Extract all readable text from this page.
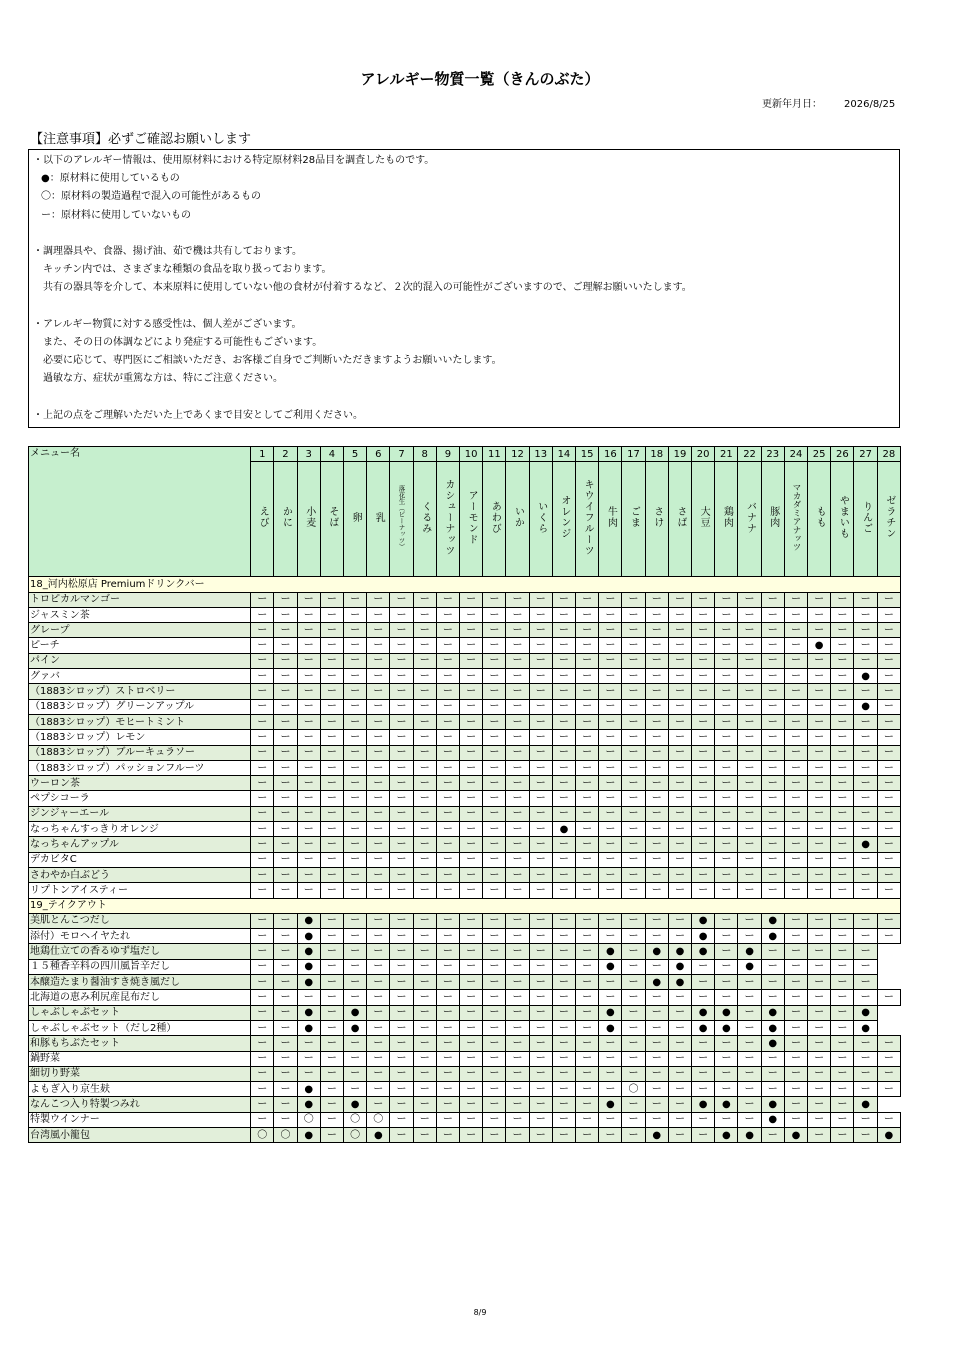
アレルギー物質一覧（きんのぶた）
更新年月日： 2026/8/25
【注意事項】必ずご確認お願いします
・以下のアレルギー情報は、使用原材料における特定原材料28品目を調査したものです。
●：原材料に使用しているもの
〇：原材料の製造過程で混入の可能性があるもの
ー：原材料に使用していないもの
・調理器具や、食器、揚げ油、茹で機は共有しております。
キッチン内では、さまざまな種類の食品を取り扱っております。
共有の器具等を介して、本来原料に使用していない他の食材が付着するなど、２次的混入の可能性がございますので、ご理解お願いいたします。
・アレルギー物質に対する感受性は、個人差がございます。
また、その日の体調などにより発症する可能性もございます。
必要に応じて、専門医にご相談いただき、お客様ご自身でご判断いただきますようお願いいたします。
過敏な方、症状が重篤な方は、特にご注意ください。
・上記の点をご理解いただいた上であくまで目安としてご利用ください。
メニュー名	1	2	3	4	5	6	7	8	9	10	11	12	13	14	15	16	17	18	19	20	21	22	23	24	25	26	27	28
	えび	かに	小麦	そば	卵	乳	落花生（ピーナッツ）	くるみ	カシューナッツ	アーモンド	あわび	いか	いくら	オレンジ	キウイフルーツ	牛肉	ごま	さけ	さば	大豆	鶏肉	バナナ	豚肉	マカダミアナッツ	もも	やまいも	りんご	ゼラチン
18_河内松原店 Premiumドリンクバー																												
トロピカルマンゴー	ー	ー	ー	ー	ー	ー	ー	ー	ー	ー	ー	ー	ー	ー	ー	ー	ー	ー	ー	ー	ー	ー	ー	ー	ー	ー	ー	ー
ジャスミン茶	ー	ー	ー	ー	ー	ー	ー	ー	ー	ー	ー	ー	ー	ー	ー	ー	ー	ー	ー	ー	ー	ー	ー	ー	ー	ー	ー	ー
グレープ	ー	ー	ー	ー	ー	ー	ー	ー	ー	ー	ー	ー	ー	ー	ー	ー	ー	ー	ー	ー	ー	ー	ー	ー	ー	ー	ー	ー
ピーチ	ー	ー	ー	ー	ー	ー	ー	ー	ー	ー	ー	ー	ー	ー	ー	ー	ー	ー	ー	ー	ー	ー	ー	ー	●	ー	ー	ー
パイン	ー	ー	ー	ー	ー	ー	ー	ー	ー	ー	ー	ー	ー	ー	ー	ー	ー	ー	ー	ー	ー	ー	ー	ー	ー	ー	ー	ー
グァバ	ー	ー	ー	ー	ー	ー	ー	ー	ー	ー	ー	ー	ー	ー	ー	ー	ー	ー	ー	ー	ー	ー	ー	ー	ー	ー	●	ー
（1883シロップ）ストロベリー	ー	ー	ー	ー	ー	ー	ー	ー	ー	ー	ー	ー	ー	ー	ー	ー	ー	ー	ー	ー	ー	ー	ー	ー	ー	ー	ー	ー
（1883シロップ）グリーンアップル	ー	ー	ー	ー	ー	ー	ー	ー	ー	ー	ー	ー	ー	ー	ー	ー	ー	ー	ー	ー	ー	ー	ー	ー	ー	ー	●	ー
（1883シロップ）モヒートミント	ー	ー	ー	ー	ー	ー	ー	ー	ー	ー	ー	ー	ー	ー	ー	ー	ー	ー	ー	ー	ー	ー	ー	ー	ー	ー	ー	ー
（1883シロップ）レモン	ー	ー	ー	ー	ー	ー	ー	ー	ー	ー	ー	ー	ー	ー	ー	ー	ー	ー	ー	ー	ー	ー	ー	ー	ー	ー	ー	ー
（1883シロップ）ブルーキュラソー	ー	ー	ー	ー	ー	ー	ー	ー	ー	ー	ー	ー	ー	ー	ー	ー	ー	ー	ー	ー	ー	ー	ー	ー	ー	ー	ー	ー
（1883シロップ）パッションフルーツ	ー	ー	ー	ー	ー	ー	ー	ー	ー	ー	ー	ー	ー	ー	ー	ー	ー	ー	ー	ー	ー	ー	ー	ー	ー	ー	ー	ー
ウーロン茶	ー	ー	ー	ー	ー	ー	ー	ー	ー	ー	ー	ー	ー	ー	ー	ー	ー	ー	ー	ー	ー	ー	ー	ー	ー	ー	ー	ー
ペプシコーラ	ー	ー	ー	ー	ー	ー	ー	ー	ー	ー	ー	ー	ー	ー	ー	ー	ー	ー	ー	ー	ー	ー	ー	ー	ー	ー	ー	ー
ジンジャーエール	ー	ー	ー	ー	ー	ー	ー	ー	ー	ー	ー	ー	ー	ー	ー	ー	ー	ー	ー	ー	ー	ー	ー	ー	ー	ー	ー	ー
なっちゃんすっきりオレンジ	ー	ー	ー	ー	ー	ー	ー	ー	ー	ー	ー	ー	ー	●	ー	ー	ー	ー	ー	ー	ー	ー	ー	ー	ー	ー	ー	ー
なっちゃんアップル	ー	ー	ー	ー	ー	ー	ー	ー	ー	ー	ー	ー	ー	ー	ー	ー	ー	ー	ー	ー	ー	ー	ー	ー	ー	ー	●	ー
デカビタC	ー	ー	ー	ー	ー	ー	ー	ー	ー	ー	ー	ー	ー	ー	ー	ー	ー	ー	ー	ー	ー	ー	ー	ー	ー	ー	ー	ー
さわやか白ぶどう	ー	ー	ー	ー	ー	ー	ー	ー	ー	ー	ー	ー	ー	ー	ー	ー	ー	ー	ー	ー	ー	ー	ー	ー	ー	ー	ー	ー
リプトンアイスティー	ー	ー	ー	ー	ー	ー	ー	ー	ー	ー	ー	ー	ー	ー	ー	ー	ー	ー	ー	ー	ー	ー	ー	ー	ー	ー	ー	ー
19_テイクアウト																												
美肌とんこつだし	ー	ー	●	ー	ー	ー	ー	ー	ー	ー	ー	ー	ー	ー	ー	ー	ー	ー	ー	●	ー	ー	●	ー	ー	ー	ー	ー
添付）モロヘイヤたれ	ー	ー	●	ー	ー	ー	ー	ー	ー	ー	ー	ー	ー	ー	ー	ー	ー	ー	ー	●	ー	ー	●	ー	ー	ー	ー	ー
地鶏仕立ての香るゆず塩だし	ー	ー	●	ー	ー	ー	ー	ー	ー	ー	ー	ー	ー	ー	ー	●	ー	●	●	●	ー	●	ー	ー	ー	ー	ー	
１５種香辛料の四川風旨辛だし	ー	ー	●	ー	ー	ー	ー	ー	ー	ー	ー	ー	ー	ー	ー	●	ー	ー	●	ー	ー	●	ー	ー	ー	ー	ー	
本醸造たまり醤油すき焼き風だし	ー	ー	●	ー	ー	ー	ー	ー	ー	ー	ー	ー	ー	ー	ー	ー	ー	●	●	ー	ー	ー	ー	ー	ー	ー	ー	
北海道の恵み利尻産昆布だし	ー	ー	ー	ー	ー	ー	ー	ー	ー	ー	ー	ー	ー	ー	ー	ー	ー	ー	ー	ー	ー	ー	ー	ー	ー	ー	ー	ー
しゃぶしゃぶセット	ー	ー	●	ー	●	ー	ー	ー	ー	ー	ー	ー	ー	ー	ー	●	ー	ー	ー	●	●	ー	●	ー	ー	ー	●	
しゃぶしゃぶセット（だし2種）	ー	ー	●	ー	●	ー	ー	ー	ー	ー	ー	ー	ー	ー	ー	●	ー	ー	ー	●	●	ー	●	ー	ー	ー	●	
和豚もちぶたセット	ー	ー	ー	ー	ー	ー	ー	ー	ー	ー	ー	ー	ー	ー	ー	ー	ー	ー	ー	ー	ー	ー	●	ー	ー	ー	ー	ー
鍋野菜	ー	ー	ー	ー	ー	ー	ー	ー	ー	ー	ー	ー	ー	ー	ー	ー	ー	ー	ー	ー	ー	ー	ー	ー	ー	ー	ー	ー
細切り野菜	ー	ー	ー	ー	ー	ー	ー	ー	ー	ー	ー	ー	ー	ー	ー	ー	ー	ー	ー	ー	ー	ー	ー	ー	ー	ー	ー	ー
よもぎ入り京生麸	ー	ー	●	ー	ー	ー	ー	ー	ー	ー	ー	ー	ー	ー	ー	ー	〇	ー	ー	ー	ー	ー	ー	ー	ー	ー	ー	ー
なんこつ入り特製つみれ	ー	ー	●	ー	●	ー	ー	ー	ー	ー	ー	ー	ー	ー	ー	●	ー	ー	ー	●	●	ー	●	ー	ー	ー	●	
特製ウインナー	ー	ー	〇	ー	〇	〇	ー	ー	ー	ー	ー	ー	ー	ー	ー	ー	ー	ー	ー	ー	ー	ー	●	ー	ー	ー	ー	ー
台湾風小籠包	〇	〇	●	ー	〇	●	ー	ー	ー	ー	ー	ー	ー	ー	ー	ー	ー	●	ー	ー	●	●	ー	●	ー	ー	ー	●
8/9
